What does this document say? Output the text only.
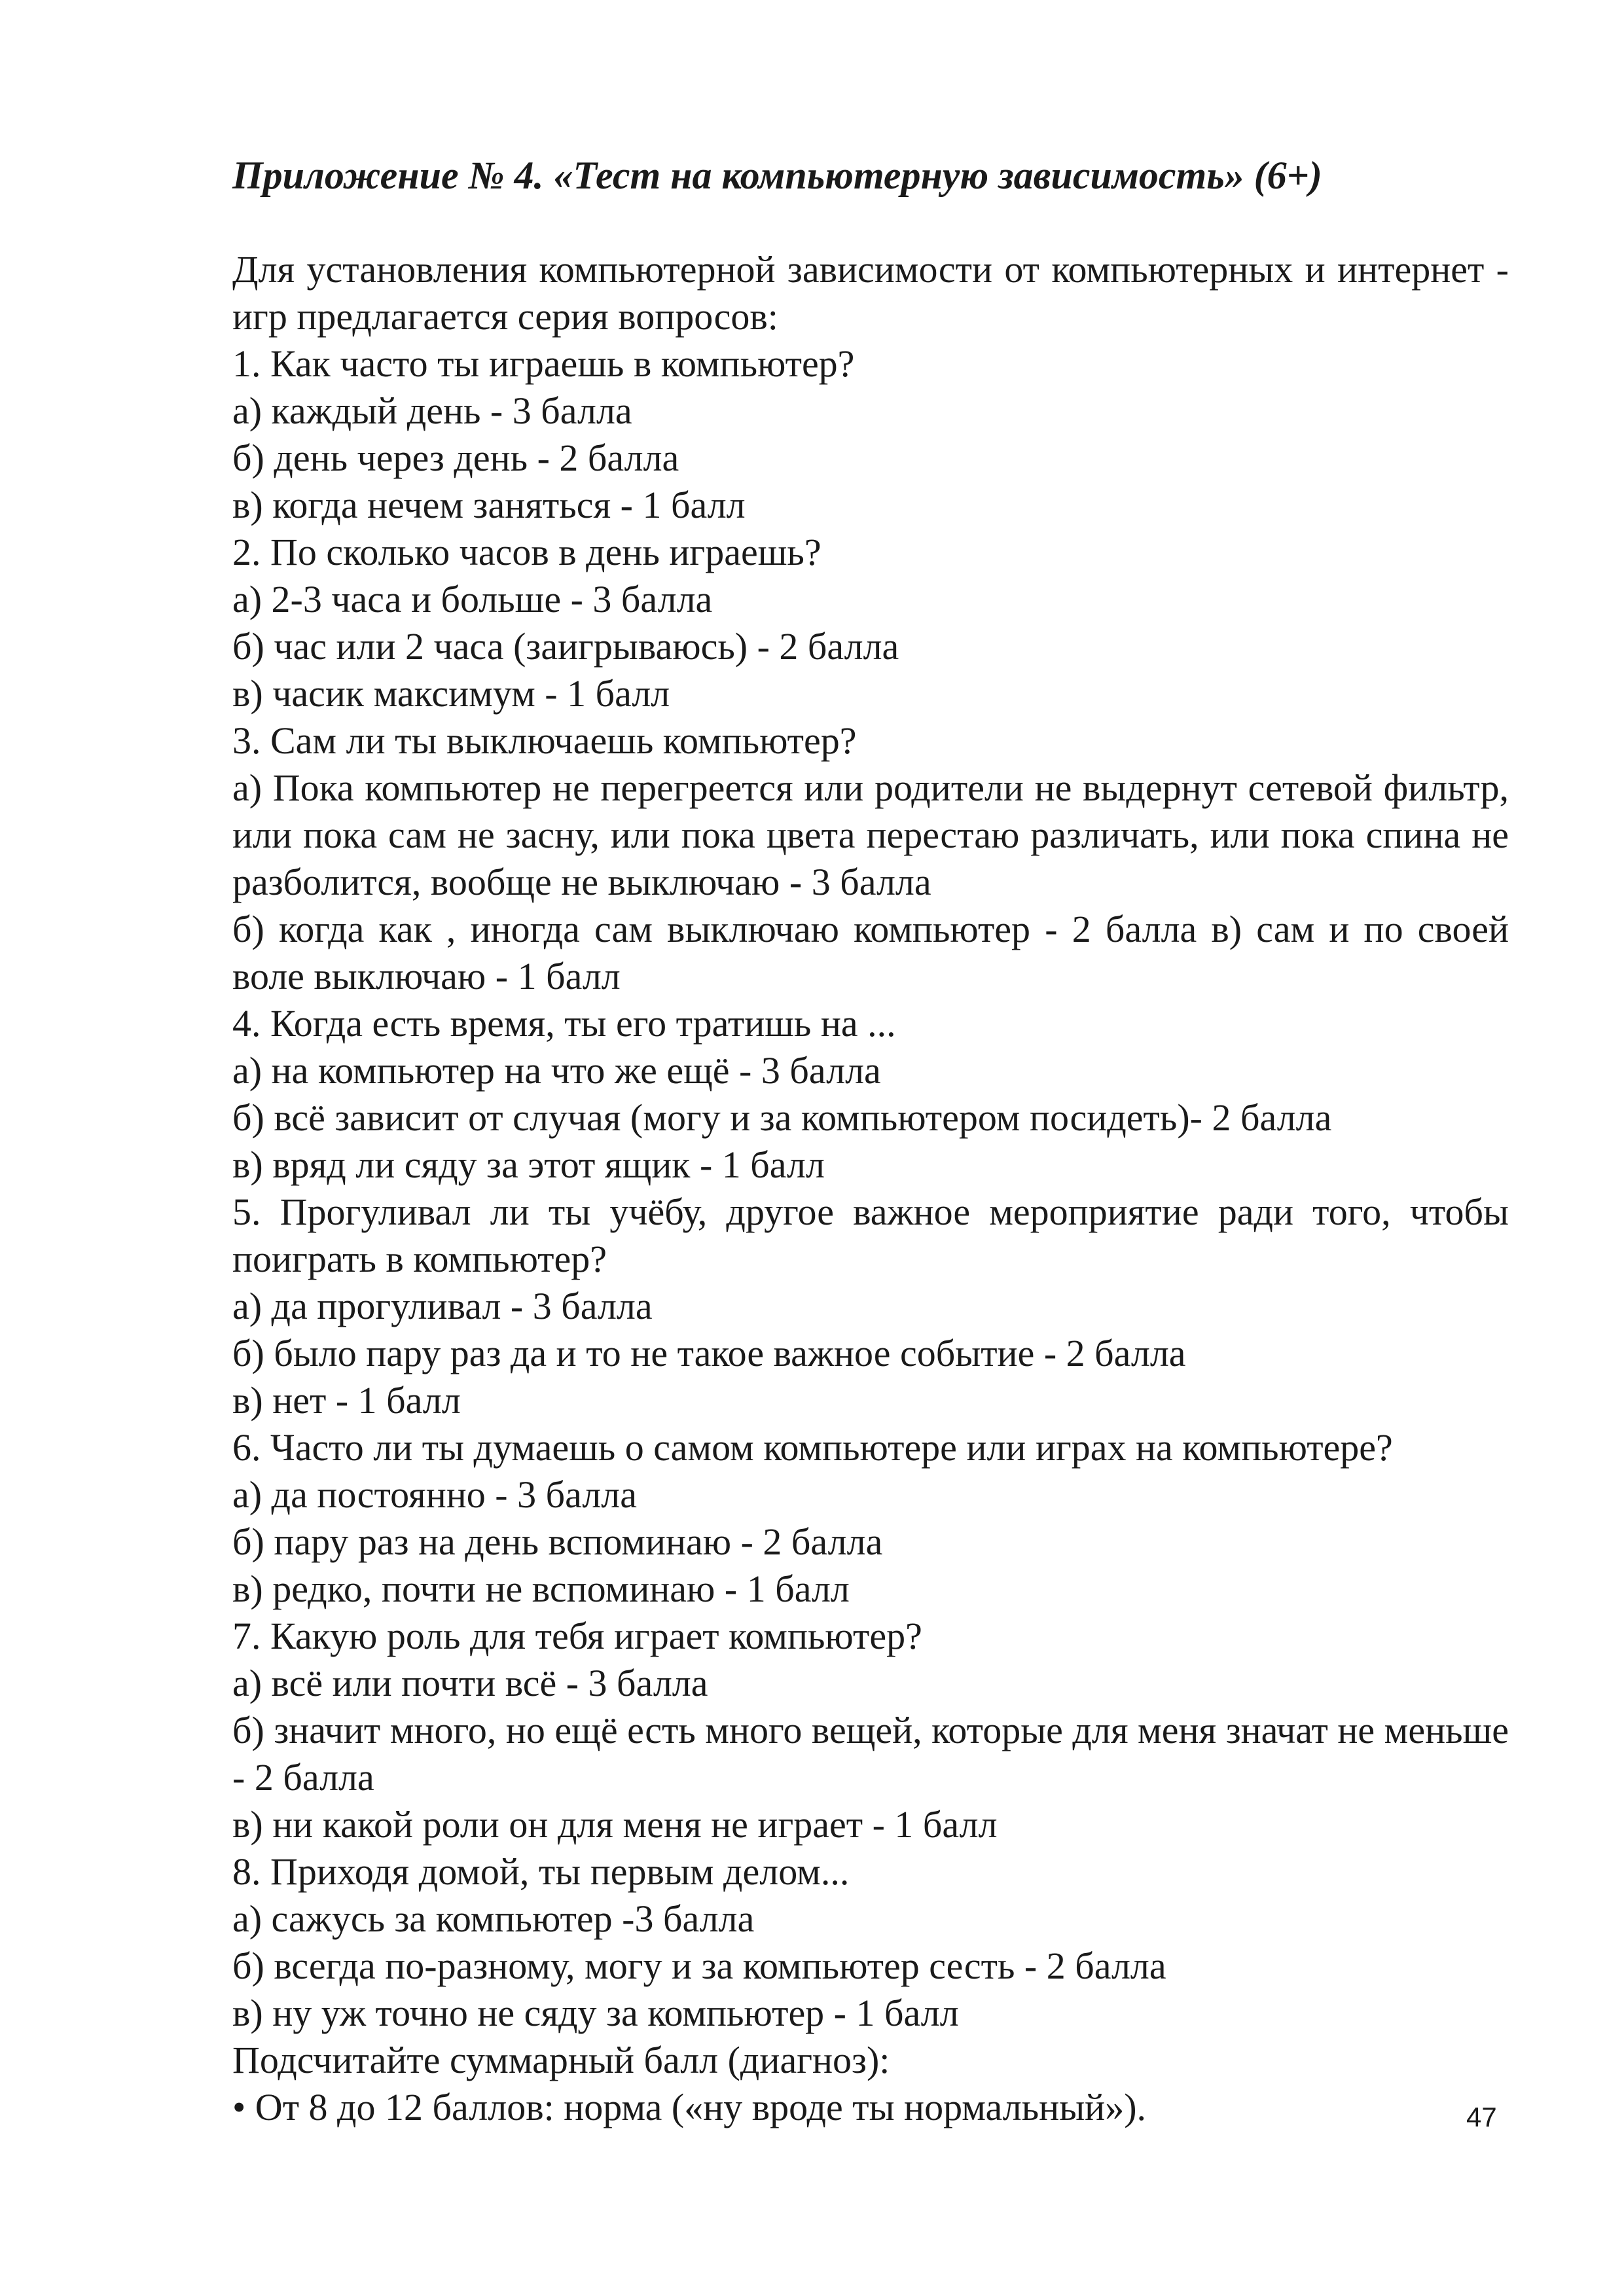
Приложение № 4. «Тест на компьютерную зависимость» (6+)

Для установления компьютерной зависимости от компьютерных и интернет - игр предлагается серия вопросов:

1. Как часто ты играешь в компьютер?

а) каждый день - 3 балла

б) день через день - 2 балла

в) когда нечем заняться - 1 балл

2. По сколько часов в день играешь?

а) 2-3 часа и больше - 3 балла

б) час или 2 часа (заигрываюсь) - 2 балла

в) часик максимум - 1 балл

3. Сам ли ты выключаешь компьютер?

а) Пока компьютер не перегреется или родители не выдернут сетевой фильтр, или пока сам не засну, или пока цвета перестаю различать, или пока спина не разболится, вообще не выключаю - 3 балла

б) когда как , иногда сам выключаю компьютер - 2 балла в) сам и по своей воле выключаю - 1 балл

4. Когда есть время, ты его тратишь на ...

а) на компьютер на что же ещё - 3 балла

б) всё зависит от случая (могу и за компьютером посидеть)- 2 балла

в) вряд ли сяду за этот ящик - 1 балл

5. Прогуливал ли ты учёбу, другое важное мероприятие ради того, чтобы поиграть в компьютер?

а) да прогуливал - 3 балла

б) было пару раз да и то не такое важное событие - 2 балла

в) нет - 1 балл

6. Часто ли ты думаешь о самом компьютере или играх на компьютере?

а) да постоянно - 3 балла

б) пару раз на день вспоминаю - 2 балла

в) редко, почти не вспоминаю - 1 балл

7. Какую роль для тебя играет компьютер?

а) всё или почти всё - 3 балла

б) значит много, но ещё есть много вещей, которые для меня значат не меньше - 2 балла

в) ни какой роли он для меня не играет - 1 балл

8. Приходя домой, ты первым делом...

а) сажусь за компьютер -3 балла

б) всегда по-разному, могу и за компьютер сесть - 2 балла

в) ну уж точно не сяду за компьютер - 1 балл

Подсчитайте суммарный балл (диагноз):

• От 8 до 12 баллов: норма («ну вроде ты нормальный»).	47
